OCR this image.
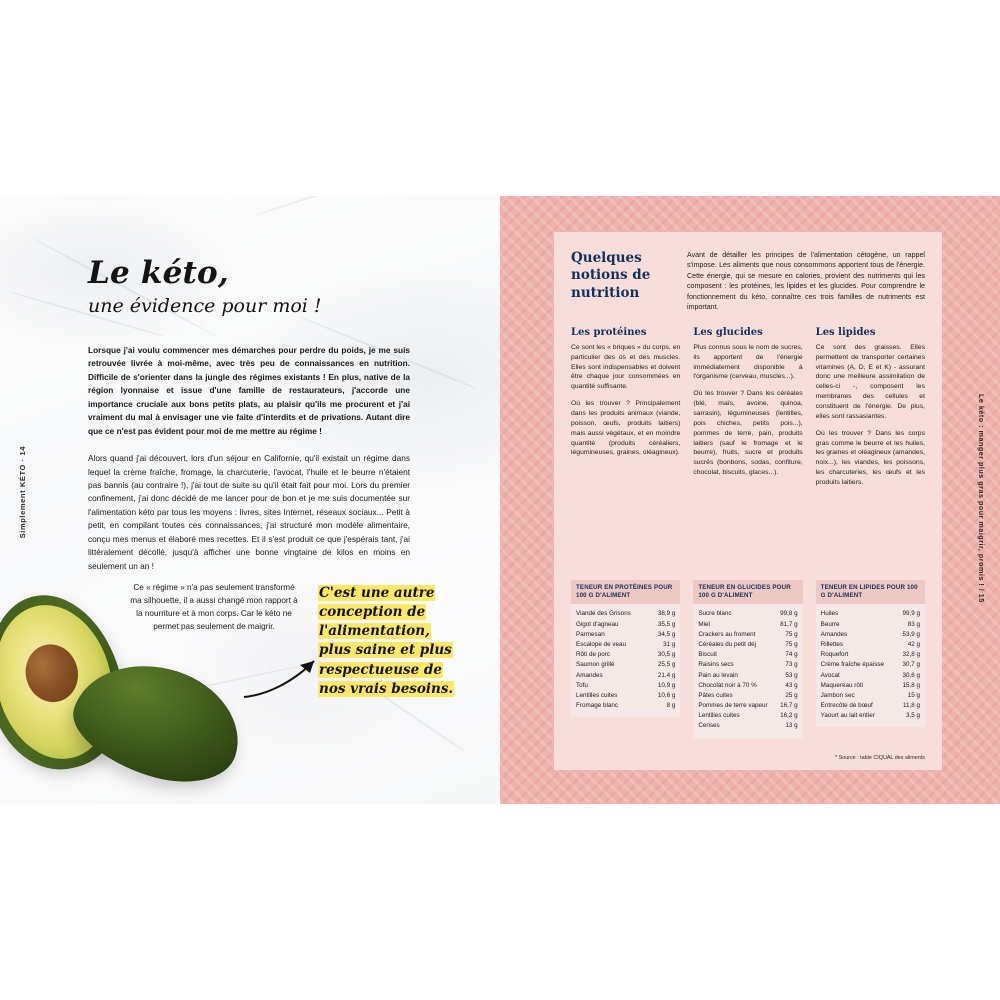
Simplement KÉTO · 14
Le kéto,
une évidence pour moi !

Lorsque j'ai voulu commencer mes démarches pour perdre du poids, je me suis retrouvée livrée à moi-même, avec très peu de connaissances en nutrition. Difficile de s'orienter dans la jungle des régimes existants ! En plus, native de la région lyonnaise et issue d'une famille de restaurateurs, j'accorde une importance cruciale aux bons petits plats, au plaisir qu'ils me procurent et j'ai vraiment du mal à envisager une vie faite d'interdits et de privations. Autant dire que ce n'est pas évident pour moi de me mettre au régime !

Alors quand j'ai découvert, lors d'un séjour en Californie, qu'il existait un régime dans lequel la crème fraîche, fromage, la charcuterie, l'avocat, l'huile et le beurre n'étaient pas bannis (au contraire !), j'ai tout de suite su qu'il était fait pour moi. Lors du premier confinement, j'ai donc décidé de me lancer pour de bon et je me suis documentée sur l'alimentation kéto par tous les moyens : livres, sites Internet, réseaux sociaux... Petit à petit, en compilant toutes ces connaissances, j'ai structuré mon modèle alimentaire, conçu mes menus et élaboré mes recettes. Et il s'est produit ce que j'espérais tant, j'ai littéralement décollé, jusqu'à afficher une bonne vingtaine de kilos en moins en seulement un an !

Ce « régime » n'a pas seulement transformé ma silhouette, il a aussi changé mon rapport à la nourriture et à mon corps. Car le kéto ne permet pas seulement de maigrir.
C'est une autre conception de l'alimentation, plus saine et plus respectueuse de nos vrais besoins.
Le kéto : manger plus gras pour maigrir, promis ! / 15
Quelques notions de nutrition
Avant de détailler les principes de l'alimentation cétogène, un rappel s'impose. Les aliments que nous consommons apportent tous de l'énergie. Cette énergie, qui se mesure en calories, provient des nutriments qui les composent : les protéines, les lipides et les glucides. Pour comprendre le fonctionnement du kéto, connaître ces trois familles de nutriments est important.
Les protéines

Ce sont les « briques » du corps, en particulier des os et des muscles. Elles sont indispensables et doivent être chaque jour consommées en quantité suffisante.

Où les trouver ? Principalement dans les produits animaux (viande, poisson, œufs, produits laitiers) mais aussi végétaux, et en moindre quantité (produits céréaliers, légumineuses, graines, oléagineux).

Les glucides

Plus connus sous le nom de sucres, ils apportent de l'énergie immédiatement disponible à l'organisme (cerveau, muscles...).

Où les trouver ? Dans les céréales (blé, maïs, avoine, quinoa, sarrasin), légumineuses (lentilles, pois chiches, petits pois...), pommes de terre, pain, produits laitiers (sauf le fromage et le beurre), fruits, sucre et produits sucrés (bonbons, sodas, confiture, chocolat, biscuits, glaces...).

Les lipides

Ce sont des graisses. Elles permettent de transporter certaines vitamines (A, D, E et K) - assurant donc une meilleure assimilation de celles-ci -, composent les membranes des cellules et constituent de l'énergie. De plus, elles sont rassasiantes.

Où les trouver ? Dans les corps gras comme le beurre et les huiles, les graines et oléagineux (amandes, noix...), les viandes, les poissons, les charcuteries, les œufs et les produits laitiers.

TENEUR EN PROTÉINES POUR 100 G D'ALIMENT
Viande des Grisons	38,9 g
Gigot d'agneau	35,5 g
Parmesan	34,5 g
Escalope de veau	31 g
Rôti de porc	30,5 g
Saumon grillé	25,5 g
Amandes	21,4 g
Tofu	10,9 g
Lentilles cuites	10,6 g
Fromage blanc	8 g
TENEUR EN GLUCIDES POUR 100 G D'ALIMENT
Sucre blanc	99,8 g
Miel	81,7 g
Crackers au froment	75 g
Céréales du petit déj	75 g
Biscuit	74 g
Raisins secs	73 g
Pain au levain	53 g
Chocolat noir à 70 %	43 g
Pâtes cuites	25 g
Pommes de terre vapeur	16,7 g
Lentilles cuites	16,2 g
Cerises	13 g
TENEUR EN LIPIDES POUR 100 G D'ALIMENT
Huiles	99,9 g
Beurre	83 g
Amandes	53,9 g
Rillettes	42 g
Roquefort	32,8 g
Crème fraîche épaisse	30,7 g
Avocat	30,6 g
Maquereau rôti	15,8 g
Jambon sec	15 g
Entrecôte de bœuf	11,8 g
Yaourt au lait entier	3,5 g
* Source : table CIQUAL des aliments
